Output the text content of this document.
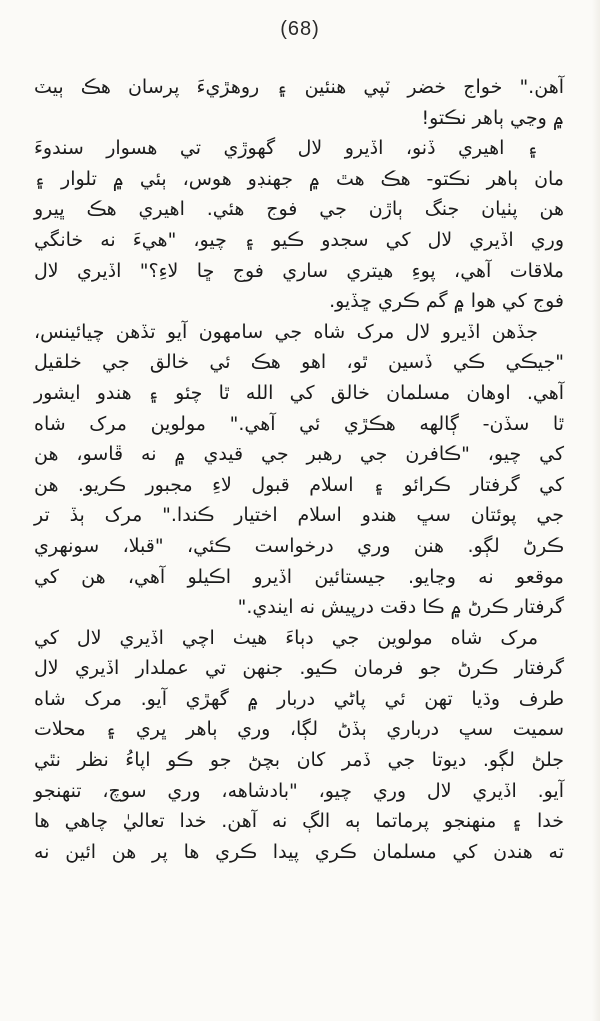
(68)
آهن." خواج خضر ٽپي هنئين ۽ روهڙيءَ پرسان هڪ ٻيٽ
۾ وڃي ٻاهر نڪتو!
۽ اهيري ڏنو، اڏيرو لال گهوڙي تي هسوار سندوءَ
مان ٻاهر نڪتو- هڪ هٿ ۾ جهنڊو هوس، ٻئي ۾ تلوار ۽
هن پٺيان جنگ ٻاڙن جي فوج هئي. اهيري هڪ ڀيرو
وري اڏيري لال کي سجدو ڪيو ۽ چيو، "هيءَ نه خانگي
ملاقات آهي، پوءِ هيتري ساري فوج ڇا لاءِ؟" اڏيري لال
فوج کي هوا ۾ گم ڪري ڇڏيو.
جڏهن اڏيرو لال مرک شاه جي سامهون آيو تڏهن چيائينس،
"جيڪي ڪي ڏسين ٿو، اهو هڪ ئي خالق جي خلقيل
آهي. اوهان مسلمان خالق کي الله ٿا چئو ۽ هندو ايشور
ٿا سڏن- ڳالهه هڪڙي ئي آهي." مولوين مرک شاه
کي چيو، "ڪافرن جي رهبر جي قيدي ۾ نه ڦاسو، هن
کي گرفتار ڪرائو ۽ اسلام قبول لاءِ مجبور ڪريو. هن
جي پوئتان سڀ هندو اسلام اختيار ڪندا." مرک ٻڏ تر
ڪرڻ لڳو. هنن وري درخواست ڪئي، "قبلا، سونهري
موقعو نه وڃايو. جيستائين اڏيرو اڪيلو آهي، هن کي
گرفتار ڪرڻ ۾ ڪا دقت درپيش نه ايندي."
مرک شاه مولوين جي دٻاءَ هيٺ اچي اڏيري لال کي
گرفتار ڪرڻ جو فرمان ڪيو. جنهن تي عملدار اڏيري لال
طرف وڌيا تهن ئي پاڻي دربار ۾ گهڙي آيو. مرک شاه
سميت سڀ درباري ٻڏڻ لڳا، وري ٻاهر ڀري ۽ محلات
جلڻ لڳو. ديوتا جي ڏمر کان بچڻ جو ڪو اپاءُ نظر نٿي
آيو. اڏيري لال وري چيو، "بادشاهه، وري سوچ، تنهنجو
خدا ۽ منهنجو پرماتما ٻه الڳ نه آهن. خدا تعاليٰ چاهي ها
ته هندن کي مسلمان ڪري پيدا ڪري ها پر هن ائين نه
